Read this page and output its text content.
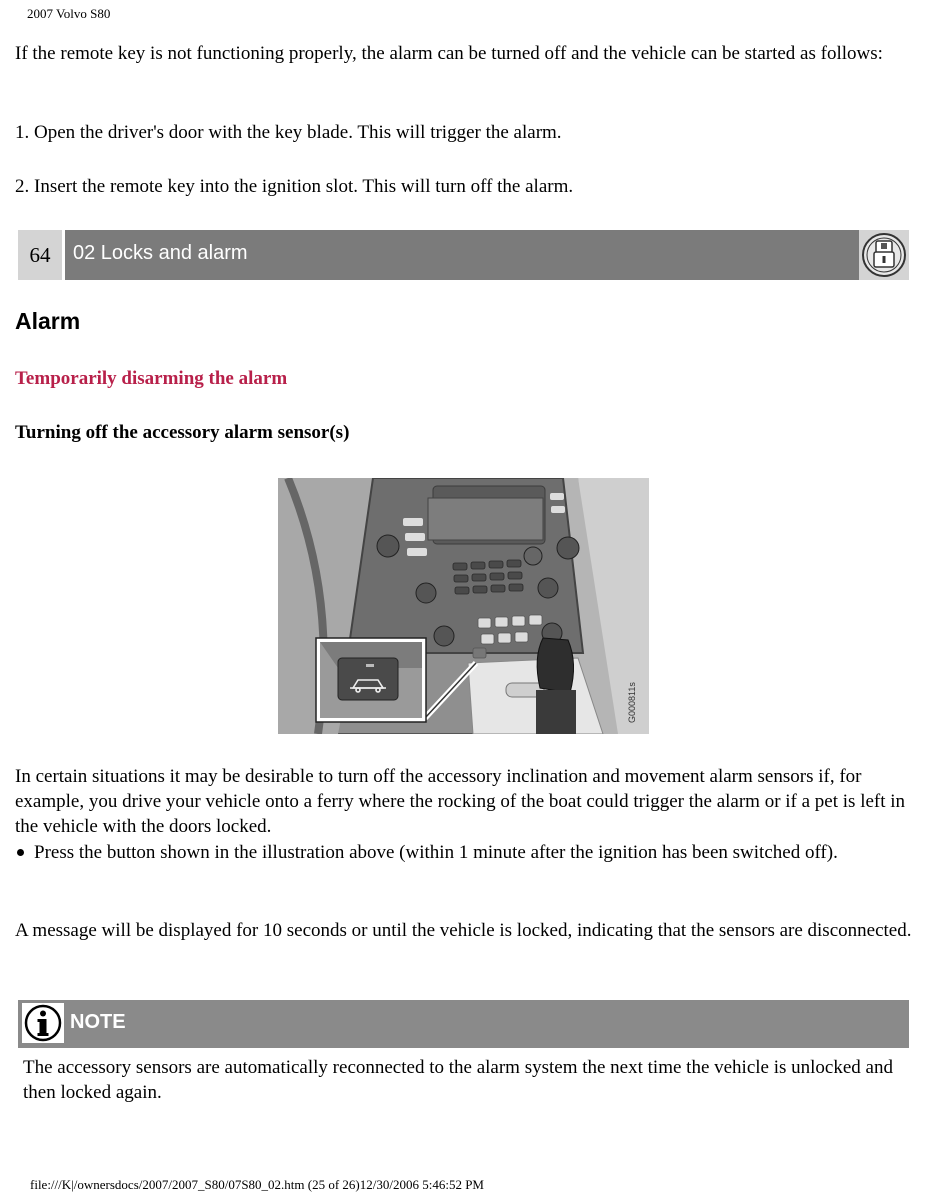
2007 Volvo S80
If the remote key is not functioning properly, the alarm can be turned off and the vehicle can be started as follows:
1. Open the driver's door with the key blade. This will trigger the alarm.
2. Insert the remote key into the ignition slot. This will turn off the alarm.
64	02 Locks and alarm
Alarm
Temporarily disarming the alarm
Turning off the accessory alarm sensor(s)
G000811s
In certain situations it may be desirable to turn off the accessory inclination and movement alarm sensors if, for example, you drive your vehicle onto a ferry where the rocking of the boat could trigger the alarm or if a pet is left in the vehicle with the doors locked.
Press the button shown in the illustration above (within 1 minute after the ignition has been switched off).
A message will be displayed for 10 seconds or until the vehicle is locked, indicating that the sensors are disconnected.
NOTE
The accessory sensors are automatically reconnected to the alarm system the next time the vehicle is unlocked and then locked again.
file:///K|/ownersdocs/2007/2007_S80/07S80_02.htm (25 of 26)12/30/2006 5:46:52 PM
